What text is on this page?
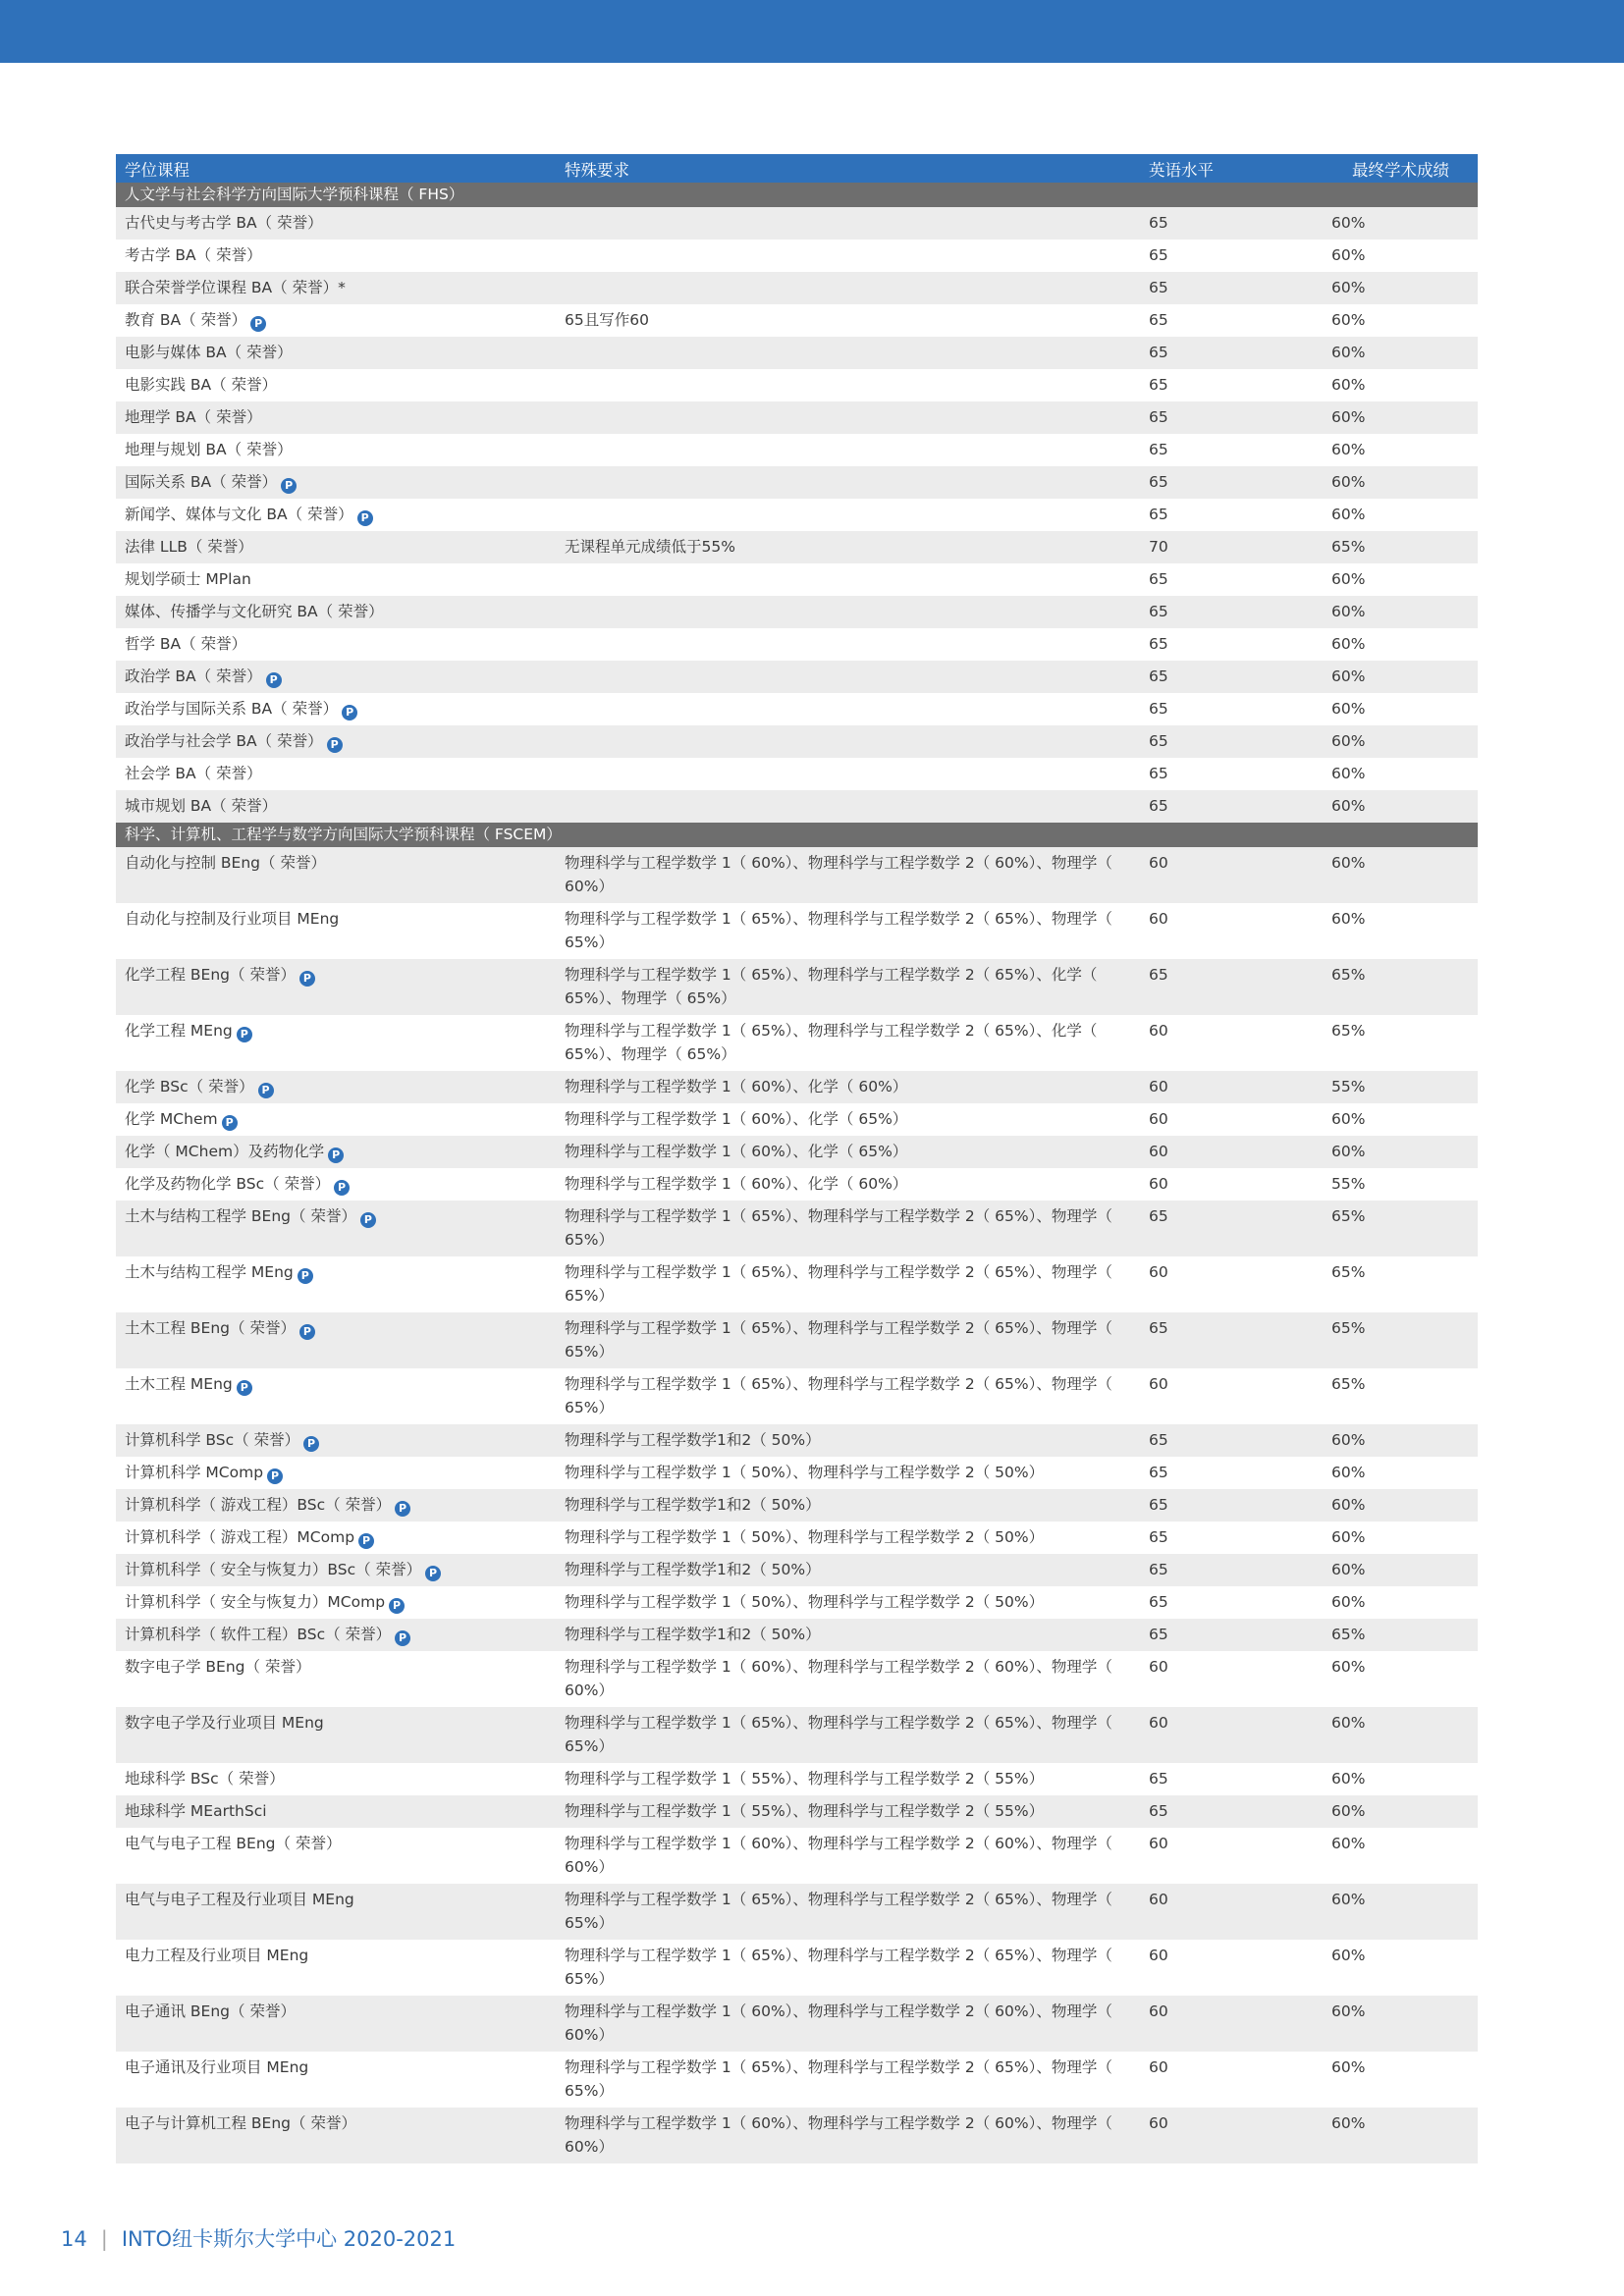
学位课程	特殊要求	英语水平	最终学术成绩
人文学与社会科学方向国际大学预科课程（ FHS）			
古代史与考古学 BA（ 荣誉）		65	60%
考古学 BA（ 荣誉）		65	60%
联合荣誉学位课程 BA（ 荣誉）*		65	60%
教育 BA（ 荣誉） P	65且写作60	65	60%
电影与媒体 BA（ 荣誉）		65	60%
电影实践 BA（ 荣誉）		65	60%
地理学 BA（ 荣誉）		65	60%
地理与规划 BA（ 荣誉）		65	60%
国际关系 BA（ 荣誉） P		65	60%
新闻学、媒体与文化 BA（ 荣誉） P		65	60%
法律 LLB（ 荣誉）	无课程单元成绩低于55%	70	65%
规划学硕士 MPlan		65	60%
媒体、传播学与文化研究 BA（ 荣誉）		65	60%
哲学 BA（ 荣誉）		65	60%
政治学 BA（ 荣誉） P		65	60%
政治学与国际关系 BA（ 荣誉） P		65	60%
政治学与社会学 BA（ 荣誉） P		65	60%
社会学 BA（ 荣誉）		65	60%
城市规划 BA（ 荣誉）		65	60%
科学、计算机、工程学与数学方向国际大学预科课程（ FSCEM）			
自动化与控制 BEng（ 荣誉）	物理科学与工程学数学 1（ 60%）、物理科学与工程学数学 2（ 60%）、物理学（ 60%）	60	60%
自动化与控制及行业项目 MEng	物理科学与工程学数学 1（ 65%）、物理科学与工程学数学 2（ 65%）、物理学（ 65%）	60	60%
化学工程 BEng（ 荣誉） P	物理科学与工程学数学 1（ 65%）、物理科学与工程学数学 2（ 65%）、化学（ 65%）、物理学（ 65%）	65	65%
化学工程 MEng P	物理科学与工程学数学 1（ 65%）、物理科学与工程学数学 2（ 65%）、化学（ 65%）、物理学（ 65%）	60	65%
化学 BSc（ 荣誉） P	物理科学与工程学数学 1（ 60%）、化学（ 60%）	60	55%
化学 MChem P	物理科学与工程学数学 1（ 60%）、化学（ 65%）	60	60%
化学（ MChem）及药物化学 P	物理科学与工程学数学 1（ 60%）、化学（ 65%）	60	60%
化学及药物化学 BSc（ 荣誉） P	物理科学与工程学数学 1（ 60%）、化学（ 60%）	60	55%
土木与结构工程学 BEng（ 荣誉） P	物理科学与工程学数学 1（ 65%）、物理科学与工程学数学 2（ 65%）、物理学（ 65%）	65	65%
土木与结构工程学 MEng P	物理科学与工程学数学 1（ 65%）、物理科学与工程学数学 2（ 65%）、物理学（ 65%）	60	65%
土木工程 BEng（ 荣誉） P	物理科学与工程学数学 1（ 65%）、物理科学与工程学数学 2（ 65%）、物理学（ 65%）	65	65%
土木工程 MEng P	物理科学与工程学数学 1（ 65%）、物理科学与工程学数学 2（ 65%）、物理学（ 65%）	60	65%
计算机科学 BSc（ 荣誉） P	物理科学与工程学数学1和2（ 50%）	65	60%
计算机科学 MComp P	物理科学与工程学数学 1（ 50%）、物理科学与工程学数学 2（ 50%）	65	60%
计算机科学（ 游戏工程）BSc（ 荣誉） P	物理科学与工程学数学1和2（ 50%）	65	60%
计算机科学（ 游戏工程）MComp P	物理科学与工程学数学 1（ 50%）、物理科学与工程学数学 2（ 50%）	65	60%
计算机科学（ 安全与恢复力）BSc（ 荣誉） P	物理科学与工程学数学1和2（ 50%）	65	60%
计算机科学（ 安全与恢复力）MComp P	物理科学与工程学数学 1（ 50%）、物理科学与工程学数学 2（ 50%）	65	60%
计算机科学（ 软件工程）BSc（ 荣誉） P	物理科学与工程学数学1和2（ 50%）	65	65%
数字电子学 BEng（ 荣誉）	物理科学与工程学数学 1（ 60%）、物理科学与工程学数学 2（ 60%）、物理学（ 60%）	60	60%
数字电子学及行业项目 MEng	物理科学与工程学数学 1（ 65%）、物理科学与工程学数学 2（ 65%）、物理学（ 65%）	60	60%
地球科学 BSc（ 荣誉）	物理科学与工程学数学 1（ 55%）、物理科学与工程学数学 2（ 55%）	65	60%
地球科学 MEarthSci	物理科学与工程学数学 1（ 55%）、物理科学与工程学数学 2（ 55%）	65	60%
电气与电子工程 BEng（ 荣誉）	物理科学与工程学数学 1（ 60%）、物理科学与工程学数学 2（ 60%）、物理学（ 60%）	60	60%
电气与电子工程及行业项目 MEng	物理科学与工程学数学 1（ 65%）、物理科学与工程学数学 2（ 65%）、物理学（ 65%）	60	60%
电力工程及行业项目 MEng	物理科学与工程学数学 1（ 65%）、物理科学与工程学数学 2（ 65%）、物理学（ 65%）	60	60%
电子通讯 BEng（ 荣誉）	物理科学与工程学数学 1（ 60%）、物理科学与工程学数学 2（ 60%）、物理学（ 60%）	60	60%
电子通讯及行业项目 MEng	物理科学与工程学数学 1（ 65%）、物理科学与工程学数学 2（ 65%）、物理学（ 65%）	60	60%
电子与计算机工程 BEng（ 荣誉）	物理科学与工程学数学 1（ 60%）、物理科学与工程学数学 2（ 60%）、物理学（ 60%）	60	60%
14 | INTO纽卡斯尔大学中心 2020-2021
